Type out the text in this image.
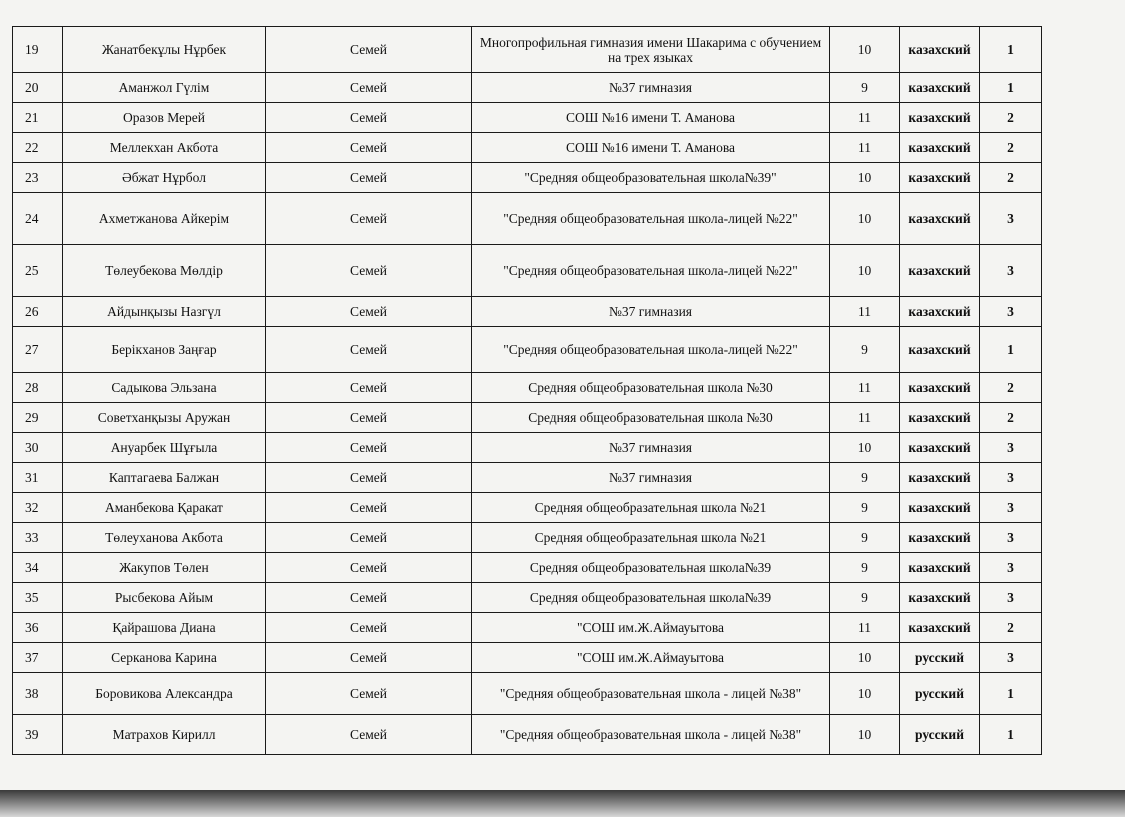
19	Жанатбекұлы Нұрбек	Семей	Многопрофильная гимназия имени Шакарима с обучением на трех языках	10	казахский	1
20	Аманжол Гүлім	Семей	№37 гимназия	9	казахский	1
21	Оразов Мерей	Семей	СОШ №16 имени Т. Аманова	11	казахский	2
22	Меллекхан Акбота	Семей	СОШ №16 имени Т. Аманова	11	казахский	2
23	Әбжат Нұрбол	Семей	"Средняя общеобразовательная школа№39"	10	казахский	2
24	Ахметжанова Айкерім	Семей	"Средняя общеобразовательная школа-лицей №22"	10	казахский	3
25	Төлеубекова Мөлдір	Семей	"Средняя общеобразовательная школа-лицей №22"	10	казахский	3
26	Айдынқызы Назгүл	Семей	№37 гимназия	11	казахский	3
27	Берікханов Заңғар	Семей	"Средняя общеобразовательная школа-лицей №22"	9	казахский	1
28	Садыкова Эльзана	Семей	Средняя общеобразовательная школа №30	11	казахский	2
29	Советханқызы Аружан	Семей	Средняя общеобразовательная школа №30	11	казахский	2
30	Ануарбек Шұғыла	Семей	№37 гимназия	10	казахский	3
31	Каптагаева Балжан	Семей	№37 гимназия	9	казахский	3
32	Аманбекова Қаракат	Семей	Средняя общеобразательная школа №21	9	казахский	3
33	Төлеуханова Акбота	Семей	Средняя общеобразательная школа №21	9	казахский	3
34	Жакупов Төлен	Семей	Средняя общеобразовательная школа№39	9	казахский	3
35	Рысбекова Айым	Семей	Средняя общеобразовательная школа№39	9	казахский	3
36	Қайрашова Диана	Семей	"СОШ им.Ж.Аймауытова	11	казахский	2
37	Серканова Карина	Семей	"СОШ им.Ж.Аймауытова	10	русский	3
38	Боровикова Александра	Семей	"Средняя общеобразовательная школа - лицей №38"	10	русский	1
39	Матрахов Кирилл	Семей	"Средняя общеобразовательная школа - лицей №38"	10	русский	1
